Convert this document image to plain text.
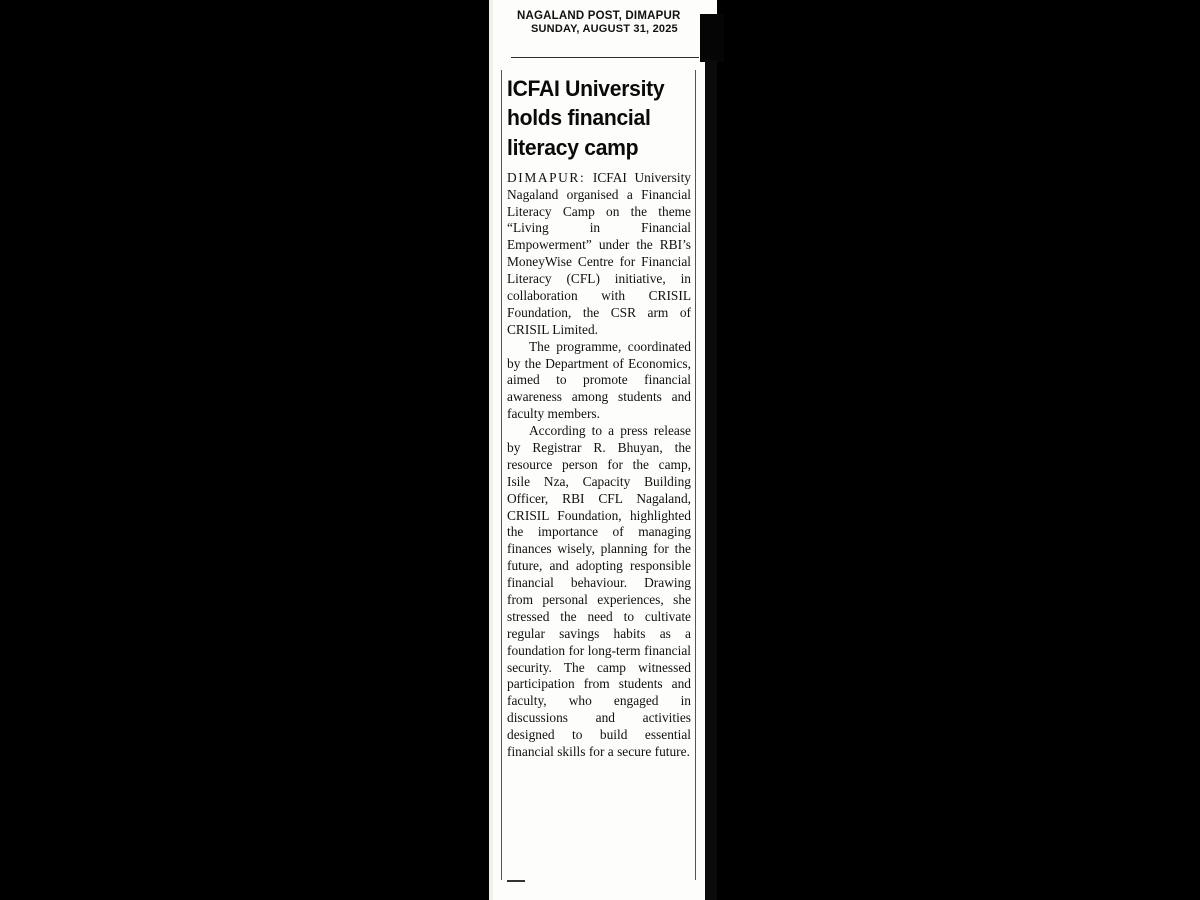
NAGALAND POST, DIMAPUR
SUNDAY, AUGUST 31, 2025
ICFAI University
holds financial
literacy camp

DIMAPUR: ICFAI University Nagaland organised a Financial Literacy Camp on the theme “Living in Financial Empowerment” under the RBI’s MoneyWise Centre for Financial Literacy (CFL) initiative, in collaboration with CRISIL Foundation, the CSR arm of CRISIL Limited.

The programme, coordinated by the Department of Economics, aimed to promote financial awareness among students and faculty members.

According to a press release by Registrar R. Bhuyan, the resource person for the camp, Isile Nza, Capacity Building Officer, RBI CFL Nagaland, CRISIL Foundation, highlighted the importance of managing finances wisely, planning for the future, and adopting responsible financial behaviour. Drawing from personal experiences, she stressed the need to cultivate regular savings habits as a foundation for long-term financial security. The camp witnessed participation from students and faculty, who engaged in discussions and activities designed to build essential financial skills for a secure future.
